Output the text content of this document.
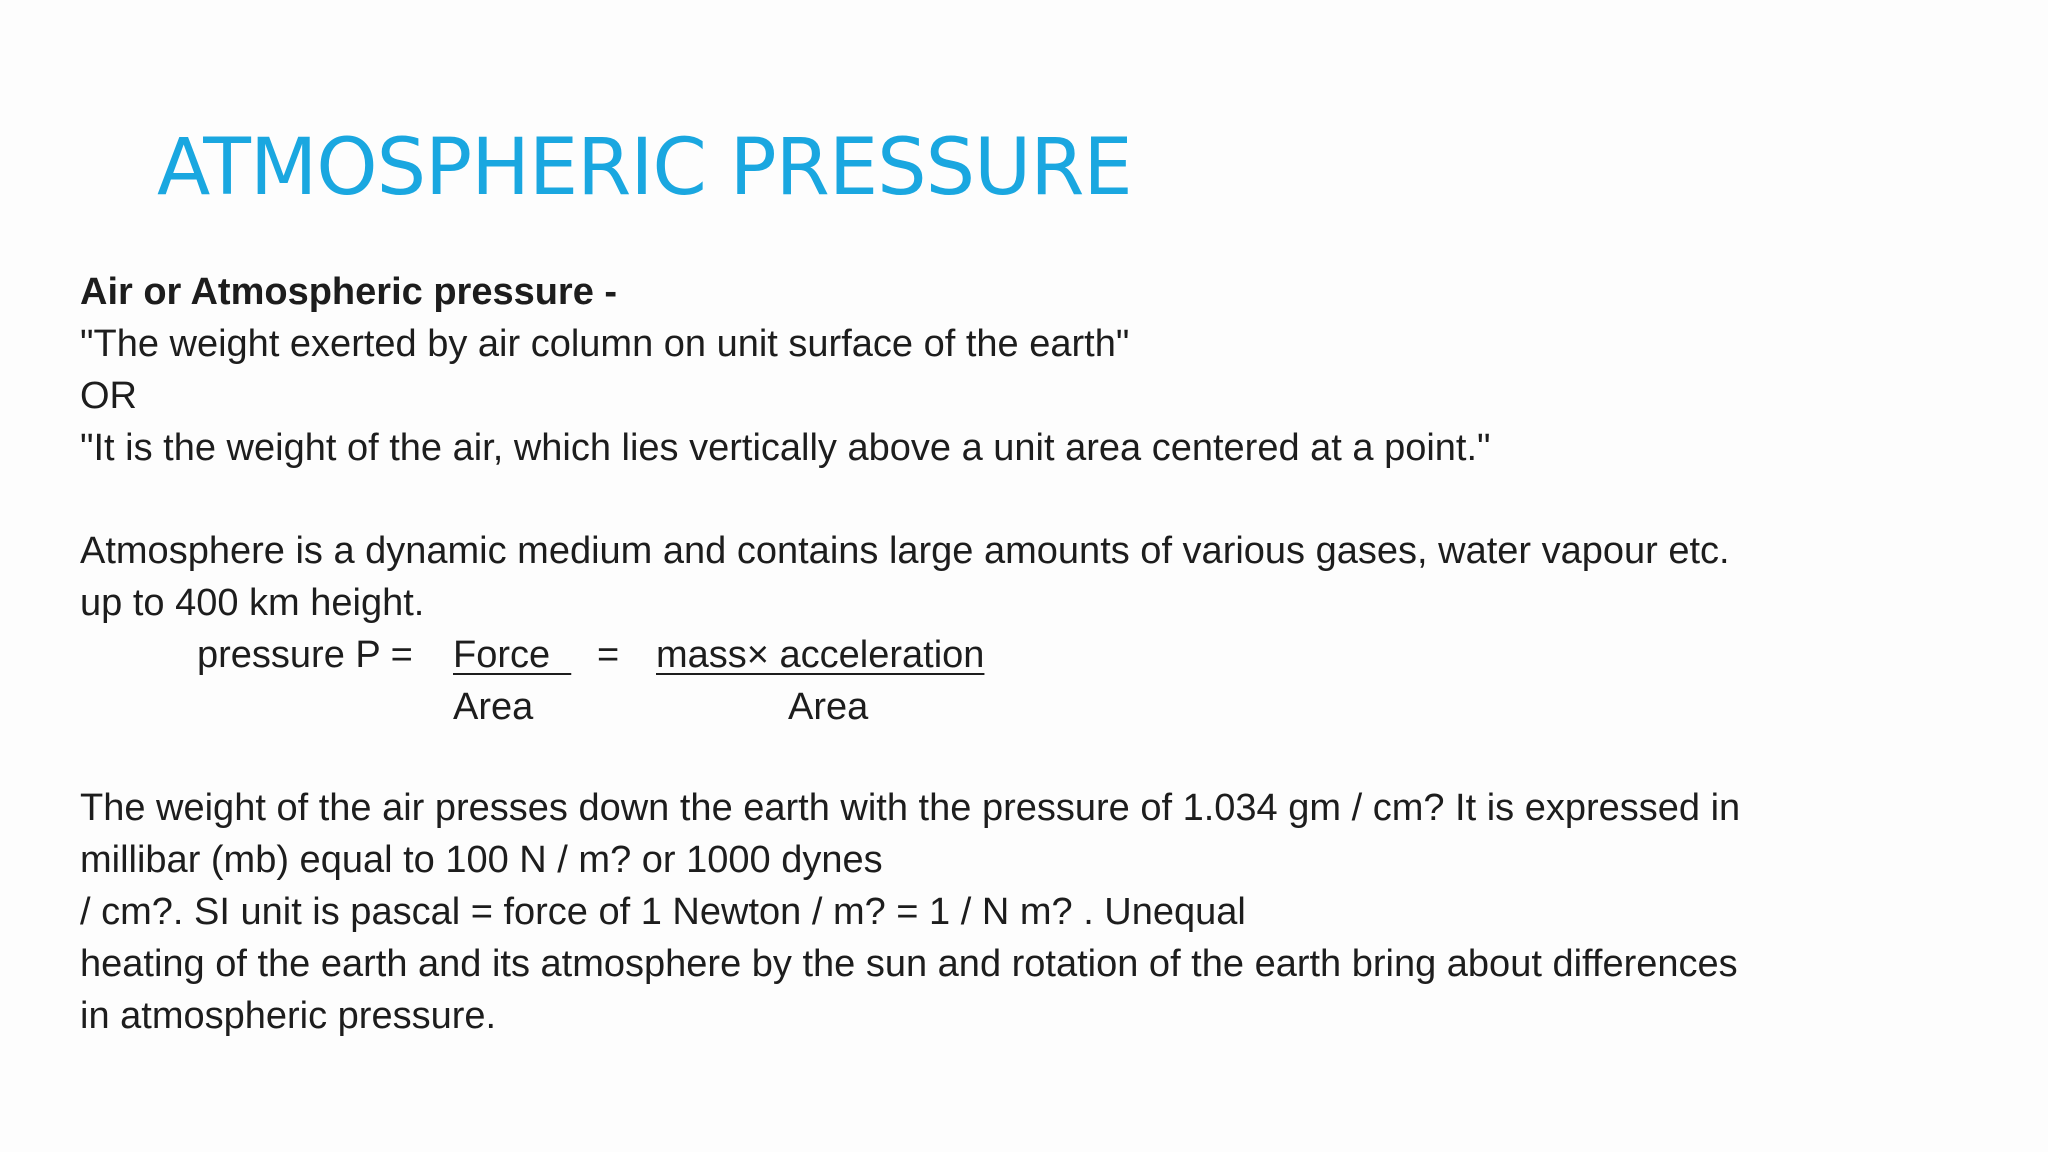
ATMOSPHERIC PRESSURE

Air or Atmospheric pressure -

"The weight exerted by air column on unit surface of the earth"

OR

"It is the weight of the air, which lies vertically above a unit area centered at a point."

Atmosphere is a dynamic medium and contains large amounts of various gases, water vapour etc.

up to 400 km height.

pressure P = Force = mass× acceleration
Area	Area

The weight of the air presses down the earth with the pressure of 1.034 gm / cm? It is expressed in

millibar (mb) equal to 100 N / m? or 1000 dynes

/ cm?. SI unit is pascal = force of 1 Newton / m? = 1 / N m? . Unequal

heating of the earth and its atmosphere by the sun and rotation of the earth bring about differences

in atmospheric pressure.
